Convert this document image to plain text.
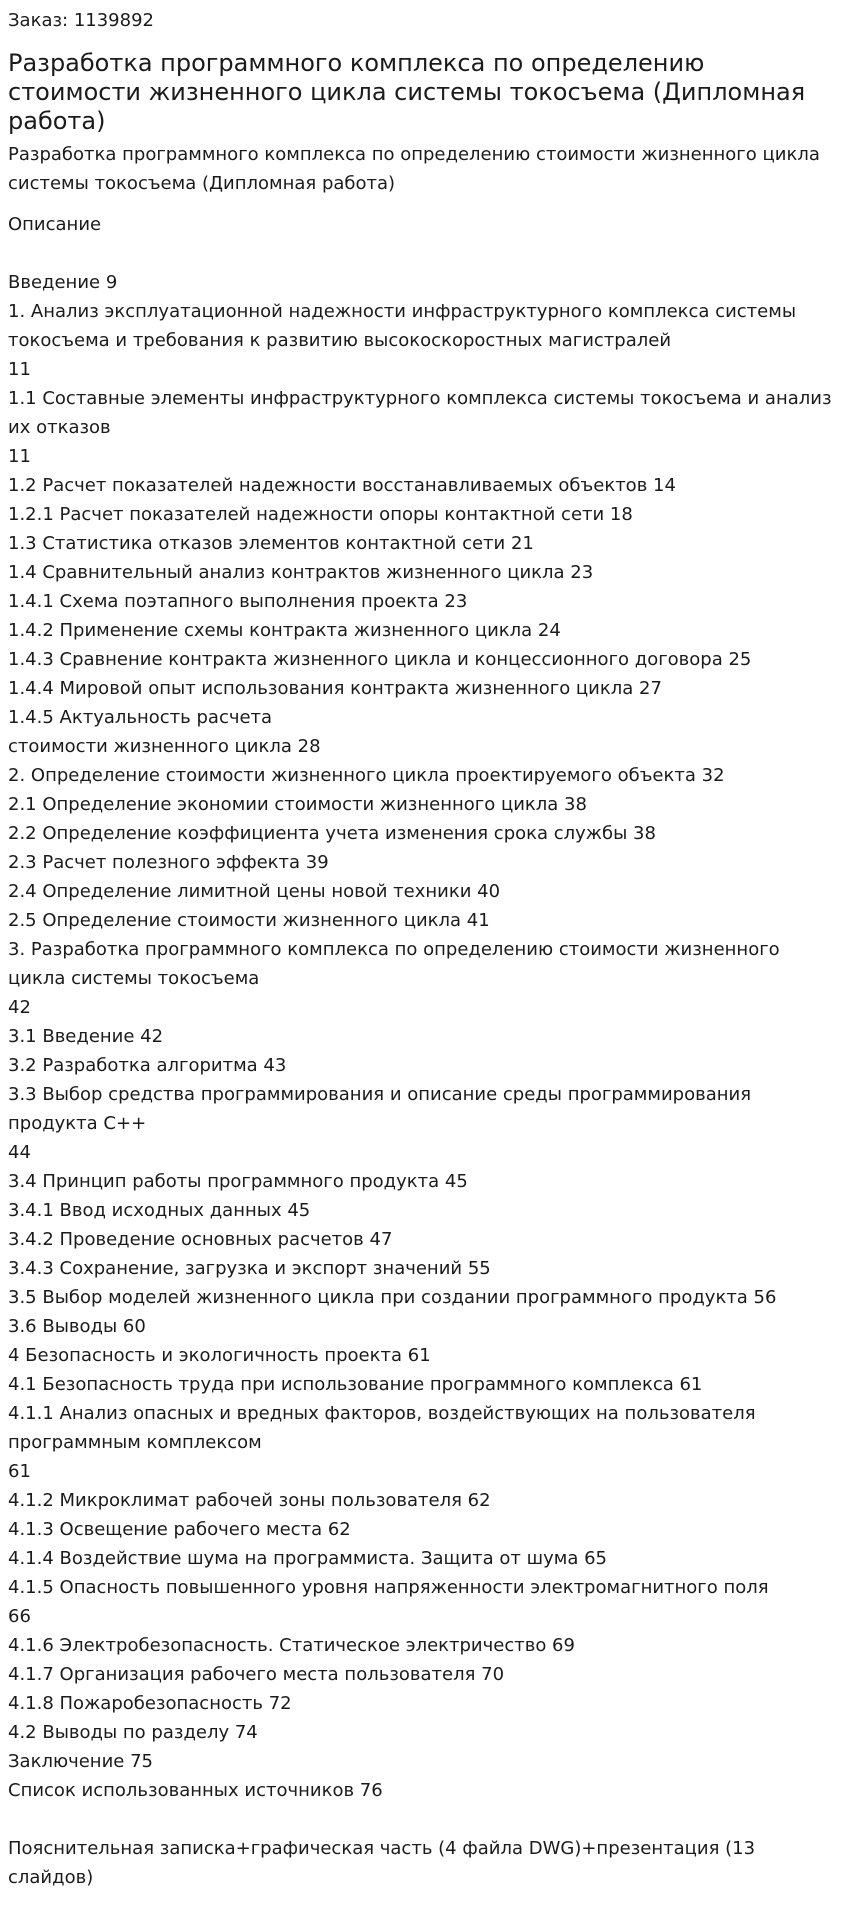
Заказ: 1139892

Разработка программного комплекса по определению стоимости жизненного цикла системы токосъема (Дипломная работа)

Разработка программного комплекса по определению стоимости жизненного цикла системы токосъема (Дипломная работа)

Описание

Введение 9
1. Анализ эксплуатационной надежности инфраструктурного комплекса системы токосъема и требования к развитию высокоскоростных магистралей
11
1.1 Составные элементы инфраструктурного комплекса системы токосъема и анализ их отказов
11
1.2 Расчет показателей надежности восстанавливаемых объектов 14
1.2.1 Расчет показателей надежности опоры контактной сети 18
1.3 Статистика отказов элементов контактной сети 21
1.4 Сравнительный анализ контрактов жизненного цикла 23
1.4.1 Схема поэтапного выполнения проекта 23
1.4.2 Применение схемы контракта жизненного цикла 24
1.4.3 Сравнение контракта жизненного цикла и концессионного договора 25
1.4.4 Мировой опыт использования контракта жизненного цикла 27
1.4.5 Актуальность расчета
стоимости жизненного цикла 28
2. Определение стоимости жизненного цикла проектируемого объекта 32
2.1 Определение экономии стоимости жизненного цикла 38
2.2 Определение коэффициента учета изменения срока службы 38
2.3 Расчет полезного эффекта 39
2.4 Определение лимитной цены новой техники 40
2.5 Определение стоимости жизненного цикла 41
3. Разработка программного комплекса по определению стоимости жизненного цикла системы токосъема
42
3.1 Введение 42
3.2 Разработка алгоритма 43
3.3 Выбор средства программирования и описание среды программирования продукта С++
44
3.4 Принцип работы программного продукта 45
3.4.1 Ввод исходных данных 45
3.4.2 Проведение основных расчетов 47
3.4.3 Сохранение, загрузка и экспорт значений 55
3.5 Выбор моделей жизненного цикла при создании программного продукта 56
3.6 Выводы 60
4 Безопасность и экологичность проекта 61
4.1 Безопасность труда при использование программного комплекса 61
4.1.1 Анализ опасных и вредных факторов, воздействующих на пользователя программным комплексом
61
4.1.2 Микроклимат рабочей зоны пользователя 62
4.1.3 Освещение рабочего места 62
4.1.4 Воздействие шума на программиста. Защита от шума 65
4.1.5 Опасность повышенного уровня напряженности электромагнитного поля
66
4.1.6 Электробезопасность. Статическое электричество 69
4.1.7 Организация рабочего места пользователя 70
4.1.8 Пожаробезопасность 72
4.2 Выводы по разделу 74
Заключение 75
Список использованных источников 76

Пояснительная записка+графическая часть (4 файла DWG)+презентация (13 слайдов)
